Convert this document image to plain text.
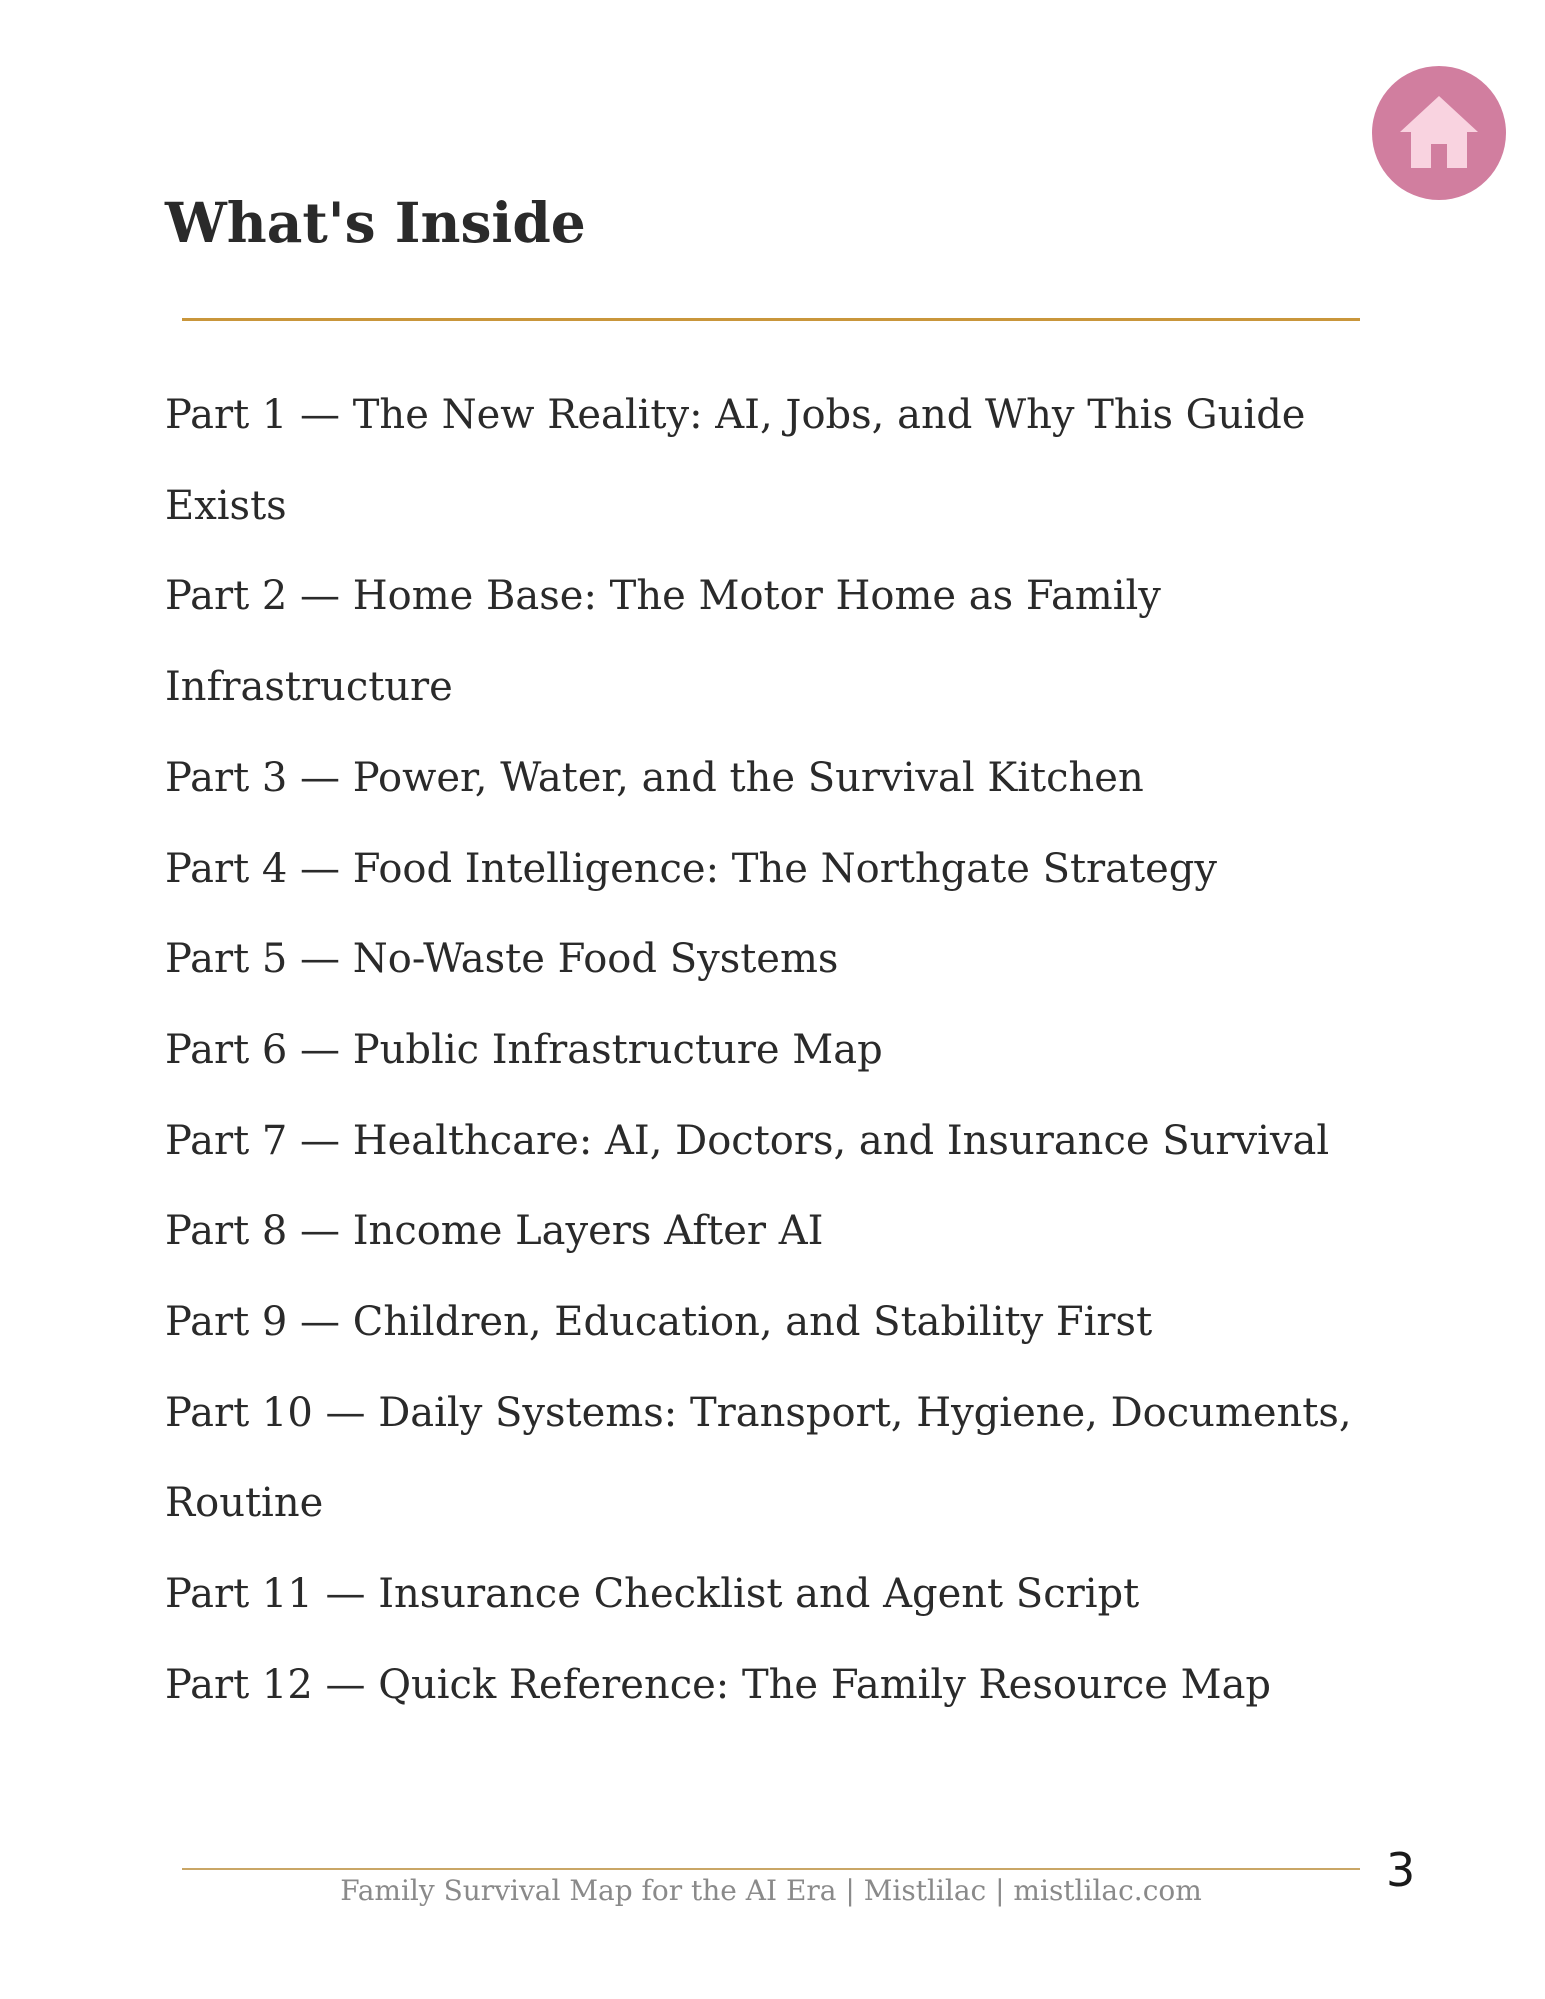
What's Inside
Part 1 — The New Reality: AI, Jobs, and Why This Guide Exists
Part 2 — Home Base: The Motor Home as Family Infrastructure
Part 3 — Power, Water, and the Survival Kitchen
Part 4 — Food Intelligence: The Northgate Strategy
Part 5 — No-Waste Food Systems
Part 6 — Public Infrastructure Map
Part 7 — Healthcare: AI, Doctors, and Insurance Survival
Part 8 — Income Layers After AI
Part 9 — Children, Education, and Stability First
Part 10 — Daily Systems: Transport, Hygiene, Documents, Routine
Part 11 — Insurance Checklist and Agent Script
Part 12 — Quick Reference: The Family Resource Map
Family Survival Map for the AI Era | Mistlilac | mistlilac.com	3
